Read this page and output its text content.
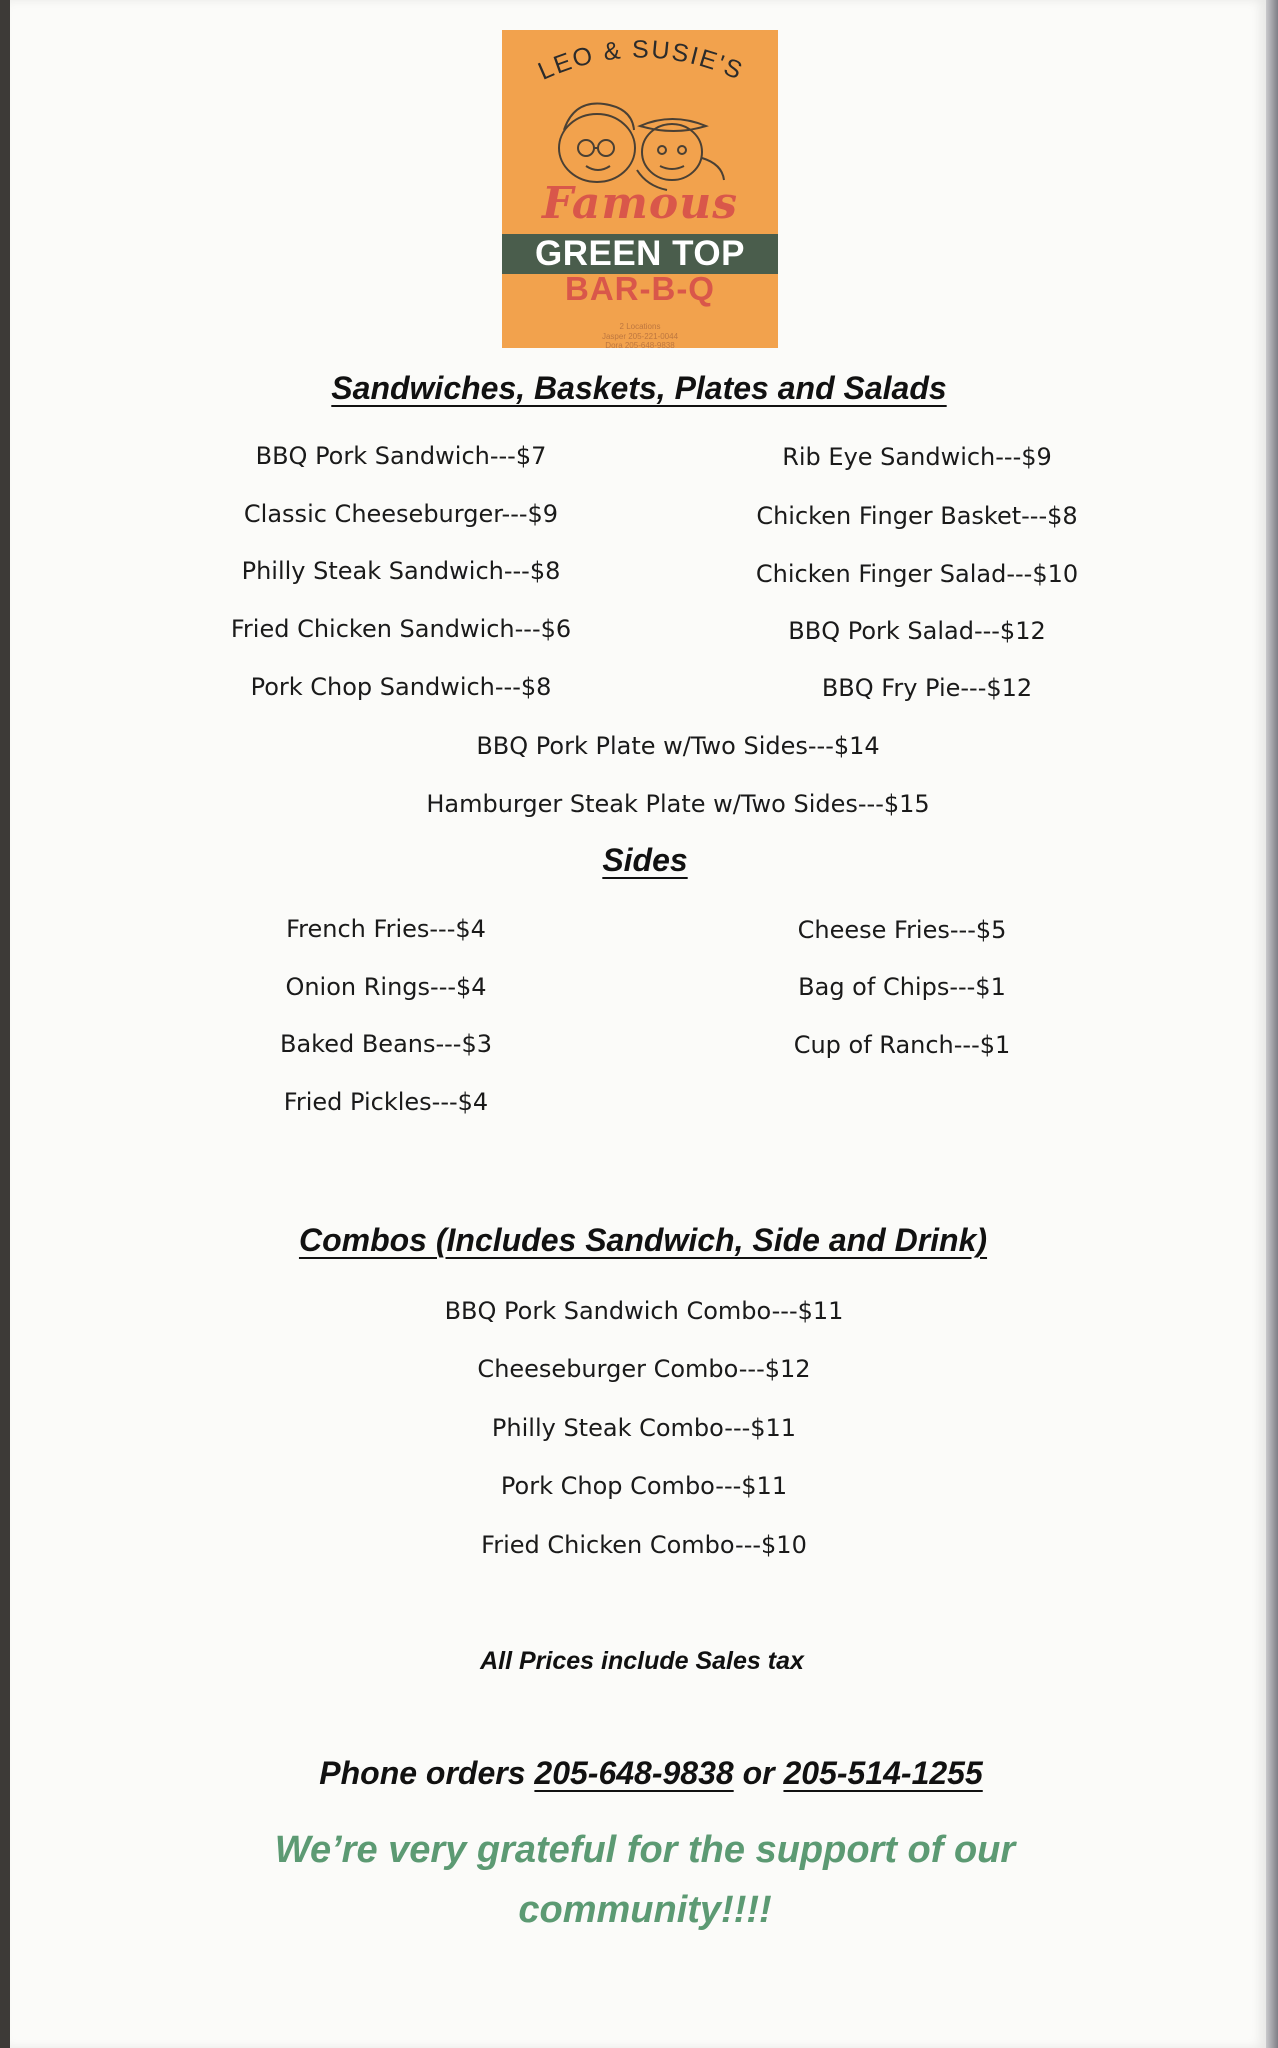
LEO & SUSIE'S
Famous
GREEN TOP
BAR-B-Q
2 Locations
Jasper 205-221-0044
Dora 205-648-9838
Sandwiches, Baskets, Plates and Salads
BBQ Pork Sandwich---$7
Classic Cheeseburger---$9
Philly Steak Sandwich---$8
Fried Chicken Sandwich---$6
Pork Chop Sandwich---$8
Rib Eye Sandwich---$9
Chicken Finger Basket---$8
Chicken Finger Salad---$10
BBQ Pork Salad---$12
BBQ Fry Pie---$12
BBQ Pork Plate w/Two Sides---$14
Hamburger Steak Plate w/Two Sides---$15
Sides
French Fries---$4
Onion Rings---$4
Baked Beans---$3
Fried Pickles---$4
Cheese Fries---$5
Bag of Chips---$1
Cup of Ranch---$1
Combos (Includes Sandwich, Side and Drink)
BBQ Pork Sandwich Combo---$11
Cheeseburger Combo---$12
Philly Steak Combo---$11
Pork Chop Combo---$11
Fried Chicken Combo---$10
All Prices include Sales tax
Phone orders 205-648-9838 or 205-514-1255
We’re very grateful for the support of our
community!!!!
